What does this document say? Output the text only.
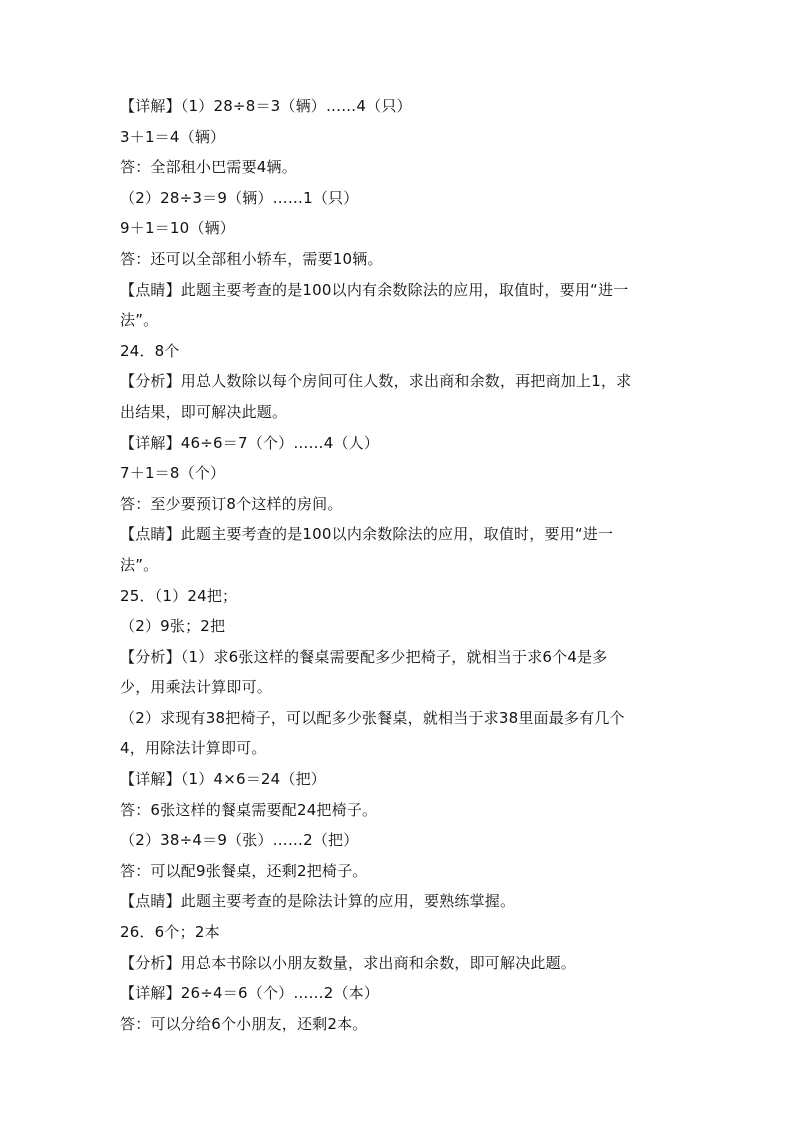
【详解】（1）28÷8＝3（辆）……4（只）
3＋1＝4（辆）
答：全部租小巴需要4辆。
（2）28÷3＝9（辆）……1（只）
9＋1＝10（辆）
答：还可以全部租小轿车，需要10辆。
【点睛】此题主要考查的是100以内有余数除法的应用，取值时，要用“进一
法”。
24．8个
【分析】用总人数除以每个房间可住人数，求出商和余数，再把商加上1，求
出结果，即可解决此题。
【详解】46÷6＝7（个）……4（人）
7＋1＝8（个）
答：至少要预订8个这样的房间。
【点睛】此题主要考查的是100以内余数除法的应用，取值时，要用“进一
法”。
25．（1）24把；
（2）9张；2把
【分析】（1）求6张这样的餐桌需要配多少把椅子，就相当于求6个4是多
少，用乘法计算即可。
（2）求现有38把椅子，可以配多少张餐桌，就相当于求38里面最多有几个
4，用除法计算即可。
【详解】（1）4×6＝24（把）
答：6张这样的餐桌需要配24把椅子。
（2）38÷4＝9（张）……2（把）
答：可以配9张餐桌，还剩2把椅子。
【点睛】此题主要考查的是除法计算的应用，要熟练掌握。
26．6个；2本
【分析】用总本书除以小朋友数量，求出商和余数，即可解决此题。
【详解】26÷4＝6（个）……2（本）
答：可以分给6个小朋友，还剩2本。
